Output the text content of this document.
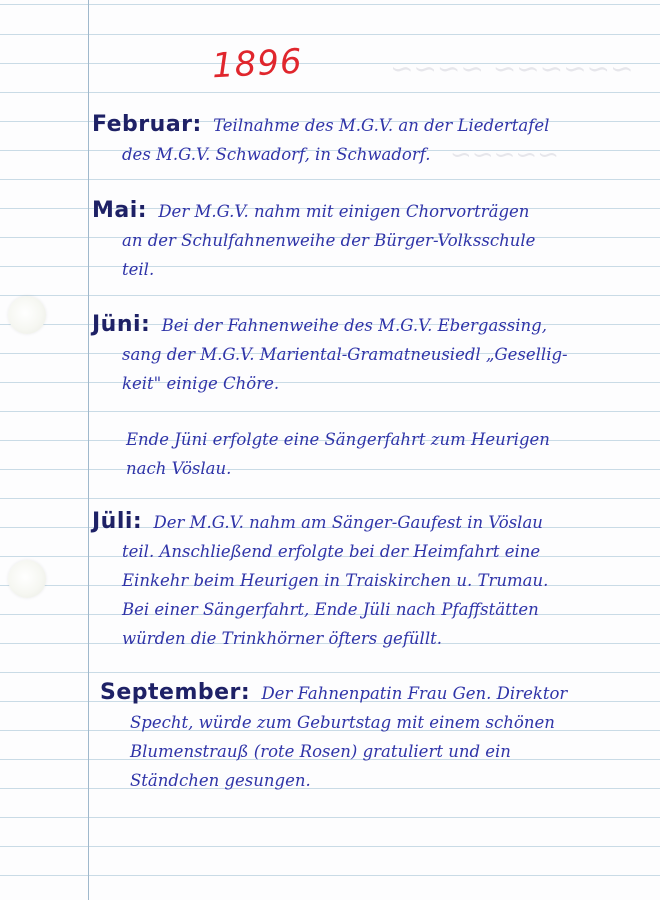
~~~~~~ ~~~~
~~~~~
1896
Februar: Teilnahme des M.G.V. an der Liedertafel
des M.G.V. Schwadorf, in Schwadorf.
Mai: Der M.G.V. nahm mit einigen Chorvorträgen
an der Schulfahnenweihe der Bürger-Volksschule
teil.
Jüni: Bei der Fahnenweihe des M.G.V. Ebergassing,
sang der M.G.V. Mariental-Gramatneusiedl „Gesellig-
keit" einige Chöre.
Ende Jüni erfolgte eine Sängerfahrt zum Heurigen
nach Vöslau.
Jüli: Der M.G.V. nahm am Sänger-Gaufest in Vöslau
teil. Anschließend erfolgte bei der Heimfahrt eine
Einkehr beim Heurigen in Traiskirchen u. Trumau.
Bei einer Sängerfahrt, Ende Jüli nach Pfaffstätten
würden die Trinkhörner öfters gefüllt.
September: Der Fahnenpatin Frau Gen. Direktor
Specht, würde zum Geburtstag mit einem schönen
Blumenstrauß (rote Rosen) gratuliert und ein
Ständchen gesungen.
